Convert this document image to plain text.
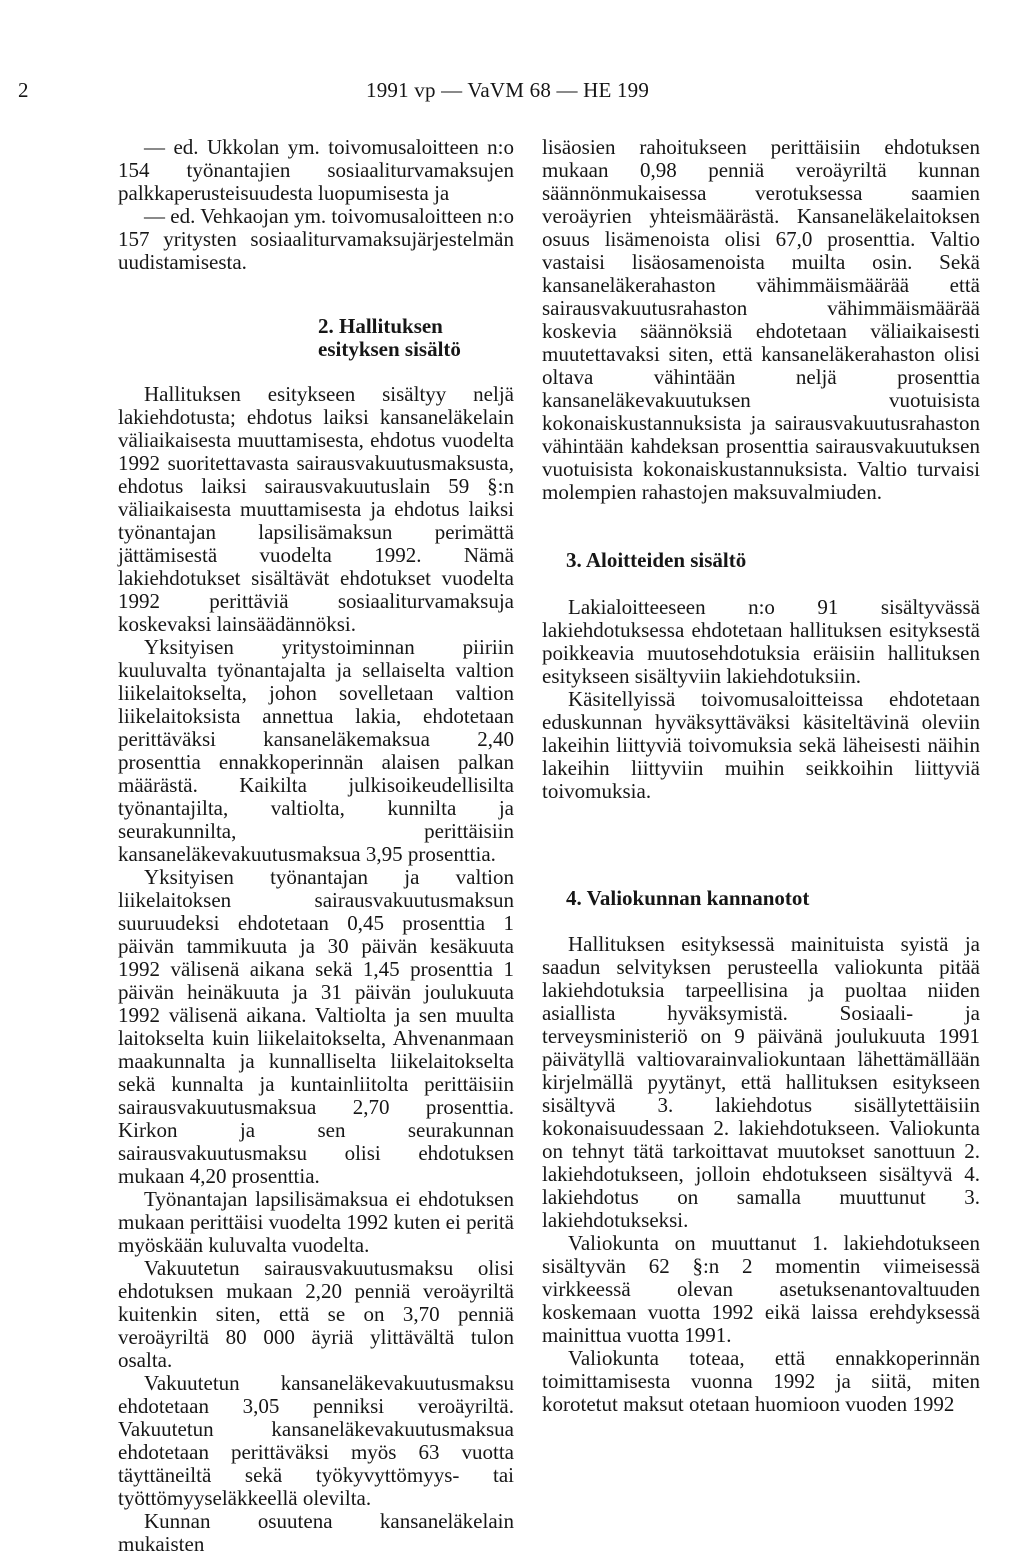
2	1991 vp — VaVM 68 — HE 199

— ed. Ukkolan ym. toivomusaloitteen n:o 154 työnantajien sosiaaliturvamaksujen palkkaperusteisuudesta luopumisesta ja

— ed. Vehkaojan ym. toivomusaloitteen n:o 157 yritysten sosiaaliturvamaksujärjestelmän uudistamisesta.

2. Hallituksen esityksen sisältö

Hallituksen esitykseen sisältyy neljä lakiehdotusta; ehdotus laiksi kansaneläkelain väliaikaisesta muuttamisesta, ehdotus vuodelta 1992 suoritettavasta sairausvakuutusmaksusta, ehdotus laiksi sairausvakuutuslain 59 §:n väliaikaisesta muuttamisesta ja ehdotus laiksi työnantajan lapsilisämaksun perimättä jättämisestä vuodelta 1992. Nämä lakiehdotukset sisältävät ehdotukset vuodelta 1992 perittäviä sosiaaliturvamaksuja koskevaksi lainsäädännöksi.

Yksityisen yritystoiminnan piiriin kuuluvalta työnantajalta ja sellaiselta valtion liikelaitokselta, johon sovelletaan valtion liikelaitoksista annettua lakia, ehdotetaan perittäväksi kansaneläkemaksua 2,40 prosenttia ennakkoperinnän alaisen palkan määrästä. Kaikilta julkisoikeudellisilta työnantajilta, valtiolta, kunnilta ja seurakunnilta, perittäisiin kansaneläkevakuutusmaksua 3,95 prosenttia.

Yksityisen työnantajan ja valtion liikelaitoksen sairausvakuutusmaksun suuruudeksi ehdotetaan 0,45 prosenttia 1 päivän tammikuuta ja 30 päivän kesäkuuta 1992 välisenä aikana sekä 1,45 prosenttia 1 päivän heinäkuuta ja 31 päivän joulukuuta 1992 välisenä aikana. Valtiolta ja sen muulta laitokselta kuin liikelaitokselta, Ahvenanmaan maakunnalta ja kunnalliselta liikelaitokselta sekä kunnalta ja kuntainliitolta perittäisiin sairausvakuutusmaksua 2,70 prosenttia. Kirkon ja sen seurakunnan sairausvakuutusmaksu olisi ehdotuksen mukaan 4,20 prosenttia.

Työnantajan lapsilisämaksua ei ehdotuksen mukaan perittäisi vuodelta 1992 kuten ei peritä myöskään kuluvalta vuodelta.

Vakuutetun sairausvakuutusmaksu olisi ehdotuksen mukaan 2,20 penniä veroäyriltä kuitenkin siten, että se on 3,70 penniä veroäyriltä 80 000 äyriä ylittävältä tulon osalta.

Vakuutetun kansaneläkevakuutusmaksu ehdotetaan 3,05 penniksi veroäyriltä. Vakuutetun kansaneläkevakuutusmaksua ehdotetaan perittäväksi myös 63 vuotta täyttäneiltä sekä työkyvyttömyys- tai työttömyyseläkkeellä olevilta.

Kunnan osuutena kansaneläkelain mukaisten

lisäosien rahoitukseen perittäisiin ehdotuksen mukaan 0,98 penniä veroäyriltä kunnan säännönmukaisessa verotuksessa saamien veroäyrien yhteismäärästä. Kansaneläkelaitoksen osuus lisämenoista olisi 67,0 prosenttia. Valtio vastaisi lisäosamenoista muilta osin. Sekä kansaneläkerahaston vähimmäismäärää että sairausvakuutusrahaston vähimmäismäärää koskevia säännöksiä ehdotetaan väliaikaisesti muutettavaksi siten, että kansaneläkerahaston olisi oltava vähintään neljä prosenttia kansaneläkevakuutuksen vuotuisista kokonaiskustannuksista ja sairausvakuutusrahaston vähintään kahdeksan prosenttia sairausvakuutuksen vuotuisista kokonaiskustannuksista. Valtio turvaisi molempien rahastojen maksuvalmiuden.

3. Aloitteiden sisältö

Lakialoitteeseen n:o 91 sisältyvässä lakiehdotuksessa ehdotetaan hallituksen esityksestä poikkeavia muutosehdotuksia eräisiin hallituksen esitykseen sisältyviin lakiehdotuksiin.

Käsitellyissä toivomusaloitteissa ehdotetaan eduskunnan hyväksyttäväksi käsiteltävinä oleviin lakeihin liittyviä toivomuksia sekä läheisesti näihin lakeihin liittyviin muihin seikkoihin liittyviä toivomuksia.

4. Valiokunnan kannanotot

Hallituksen esityksessä mainituista syistä ja saadun selvityksen perusteella valiokunta pitää lakiehdotuksia tarpeellisina ja puoltaa niiden asiallista hyväksymistä. Sosiaali- ja terveysministeriö on 9 päivänä joulukuuta 1991 päivätyllä valtiovarainvaliokuntaan lähettämällään kirjelmällä pyytänyt, että hallituksen esitykseen sisältyvä 3. lakiehdotus sisällytettäisiin kokonaisuudessaan 2. lakiehdotukseen. Valiokunta on tehnyt tätä tarkoittavat muutokset sanottuun 2. lakiehdotukseen, jolloin ehdotukseen sisältyvä 4. lakiehdotus on samalla muuttunut 3. lakiehdotukseksi.

Valiokunta on muuttanut 1. lakiehdotukseen sisältyvän 62 §:n 2 momentin viimeisessä virkkeessä olevan asetuksenantovaltuuden koskemaan vuotta 1992 eikä laissa erehdyksessä mainittua vuotta 1991.

Valiokunta toteaa, että ennakkoperinnän toimittamisesta vuonna 1992 ja siitä, miten korotetut maksut otetaan huomioon vuoden 1992
